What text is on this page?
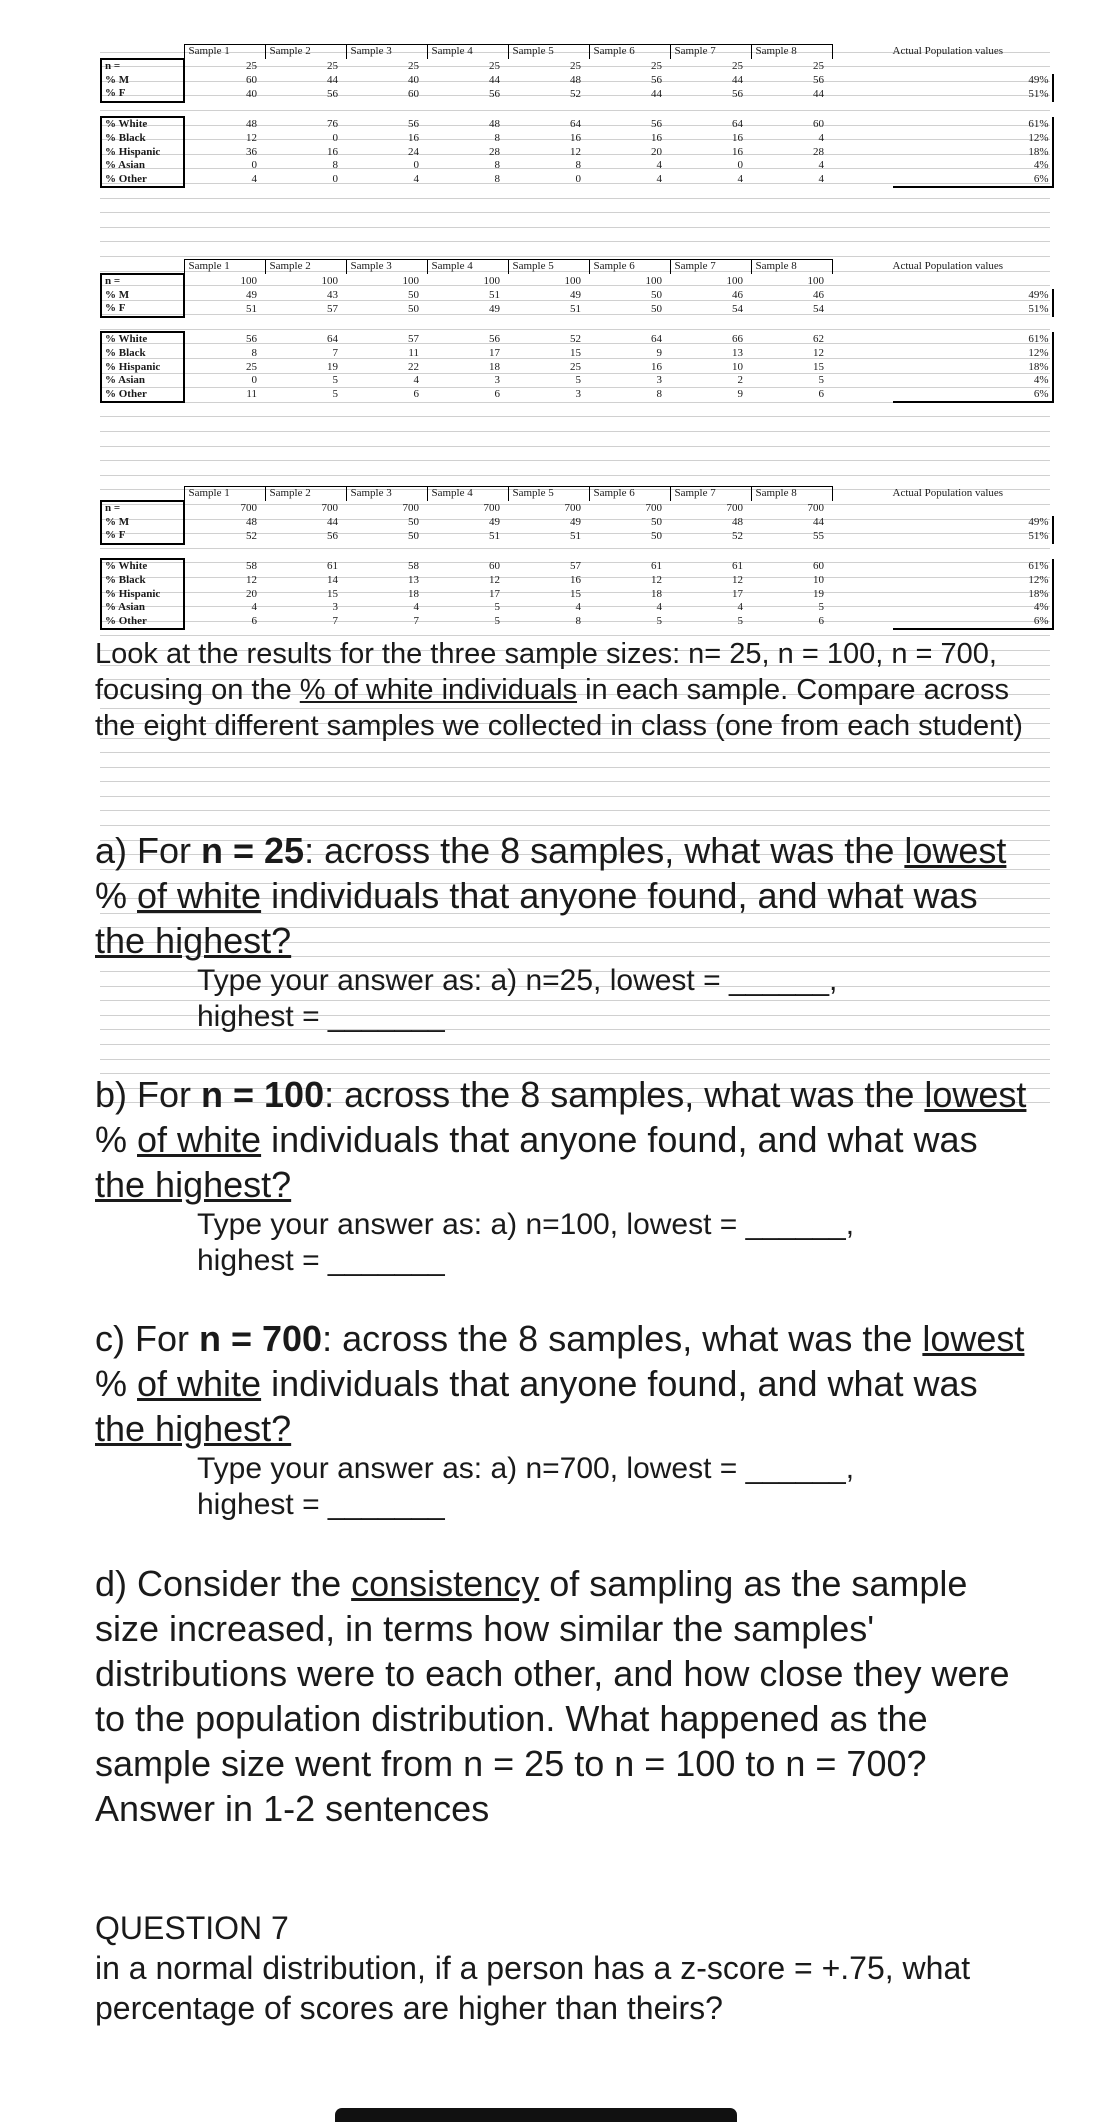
	Sample 1	Sample 2	Sample 3	Sample 4	Sample 5	Sample 6	Sample 7	Sample 8		Actual Population values
n =	25	25	25	25	25	25	25	25		
% M	60	44	40	44	48	56	44	56		49%
% F	40	56	60	56	52	44	56	44		51%

% White	48	76	56	48	64	56	64	60		61%
% Black	12	0	16	8	16	16	16	4		12%
% Hispanic	36	16	24	28	12	20	16	28		18%
% Asian	0	8	0	8	8	4	0	4		4%
% Other	4	0	4	8	0	4	4	4		6%
	Sample 1	Sample 2	Sample 3	Sample 4	Sample 5	Sample 6	Sample 7	Sample 8		Actual Population values
n =	100	100	100	100	100	100	100	100		
% M	49	43	50	51	49	50	46	46		49%
% F	51	57	50	49	51	50	54	54		51%

% White	56	64	57	56	52	64	66	62		61%
% Black	8	7	11	17	15	9	13	12		12%
% Hispanic	25	19	22	18	25	16	10	15		18%
% Asian	0	5	4	3	5	3	2	5		4%
% Other	11	5	6	6	3	8	9	6		6%
	Sample 1	Sample 2	Sample 3	Sample 4	Sample 5	Sample 6	Sample 7	Sample 8		Actual Population values
n =	700	700	700	700	700	700	700	700		
% M	48	44	50	49	49	50	48	44		49%
% F	52	56	50	51	51	50	52	55		51%

% White	58	61	58	60	57	61	61	60		61%
% Black	12	14	13	12	16	12	12	10		12%
% Hispanic	20	15	18	17	15	18	17	19		18%
% Asian	4	3	4	5	4	4	4	5		4%
% Other	6	7	7	5	8	5	5	6		6%
Look at the results for the three sample sizes: n= 25, n = 100, n = 700, focusing on the % of white individuals in each sample. Compare across the eight different samples we collected in class (one from each student)
a) For n = 25: across the 8 samples, what was the lowest % of white individuals that anyone found, and what was the highest?
Type your answer as: a) n=25, lowest = ______,
highest = _______
b) For n = 100: across the 8 samples, what was the lowest % of white individuals that anyone found, and what was the highest?
Type your answer as: a) n=100, lowest = ______,
highest = _______
c) For n = 700: across the 8 samples, what was the lowest % of white individuals that anyone found, and what was the highest?
Type your answer as: a) n=700, lowest = ______,
highest = _______
d) Consider the consistency of sampling as the sample size increased, in terms how similar the samples' distributions were to each other, and how close they were to the population distribution. What happened as the sample size went from n = 25 to n = 100 to n = 700? Answer in 1-2 sentences
QUESTION 7
in a normal distribution, if a person has a z-score = +.75, what percentage of scores are higher than theirs?
